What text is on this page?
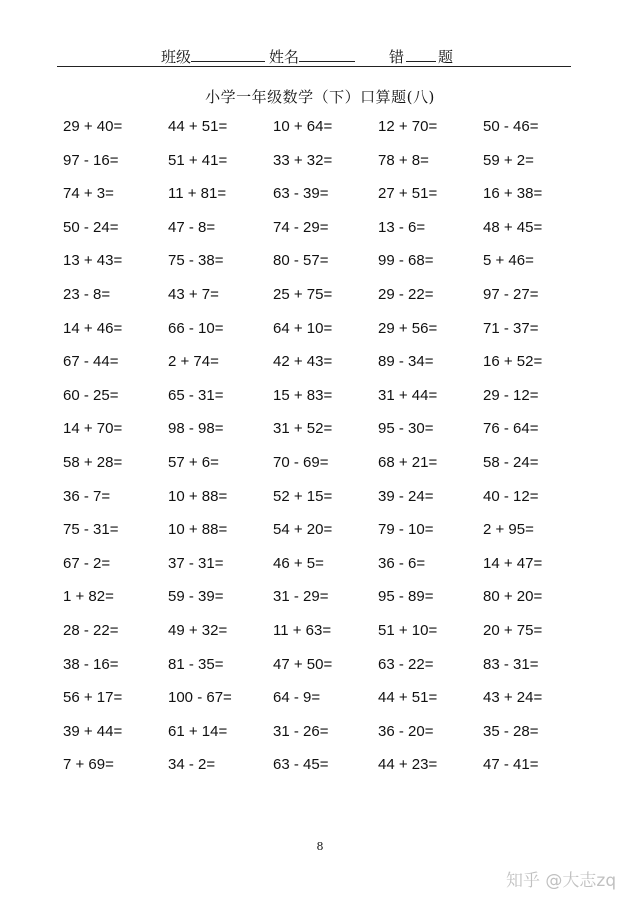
班级	姓名	错 题
小学一年级数学（下）口算题(八)
29 + 40=	44 + 51=	10 + 64=	12 + 70=	50 - 46=
97 - 16=	51 + 41=	33 + 32=	78 + 8=	59 + 2=
74 + 3=	11 + 81=	63 - 39=	27 + 51=	16 + 38=
50 - 24=	47 - 8=	74 - 29=	13 - 6=	48 + 45=
13 + 43=	75 - 38=	80 - 57=	99 - 68=	5 + 46=
23 - 8=	43 + 7=	25 + 75=	29 - 22=	97 - 27=
14 + 46=	66 - 10=	64 + 10=	29 + 56=	71 - 37=
67 - 44=	2 + 74=	42 + 43=	89 - 34=	16 + 52=
60 - 25=	65 - 31=	15 + 83=	31 + 44=	29 - 12=
14 + 70=	98 - 98=	31 + 52=	95 - 30=	76 - 64=
58 + 28=	57 + 6=	70 - 69=	68 + 21=	58 - 24=
36 - 7=	10 + 88=	52 + 15=	39 - 24=	40 - 12=
75 - 31=	10 + 88=	54 + 20=	79 - 10=	2 + 95=
67 - 2=	37 - 31=	46 + 5=	36 - 6=	14 + 47=
1 + 82=	59 - 39=	31 - 29=	95 - 89=	80 + 20=
28 - 22=	49 + 32=	11 + 63=	51 + 10=	20 + 75=
38 - 16=	81 - 35=	47 + 50=	63 - 22=	83 - 31=
56 + 17=	100 - 67=	64 - 9=	44 + 51=	43 + 24=
39 + 44=	61 + 14=	31 - 26=	36 - 20=	35 - 28=
7 + 69=	34 - 2=	63 - 45=	44 + 23=	47 - 41=
8
知乎 @大志zq
